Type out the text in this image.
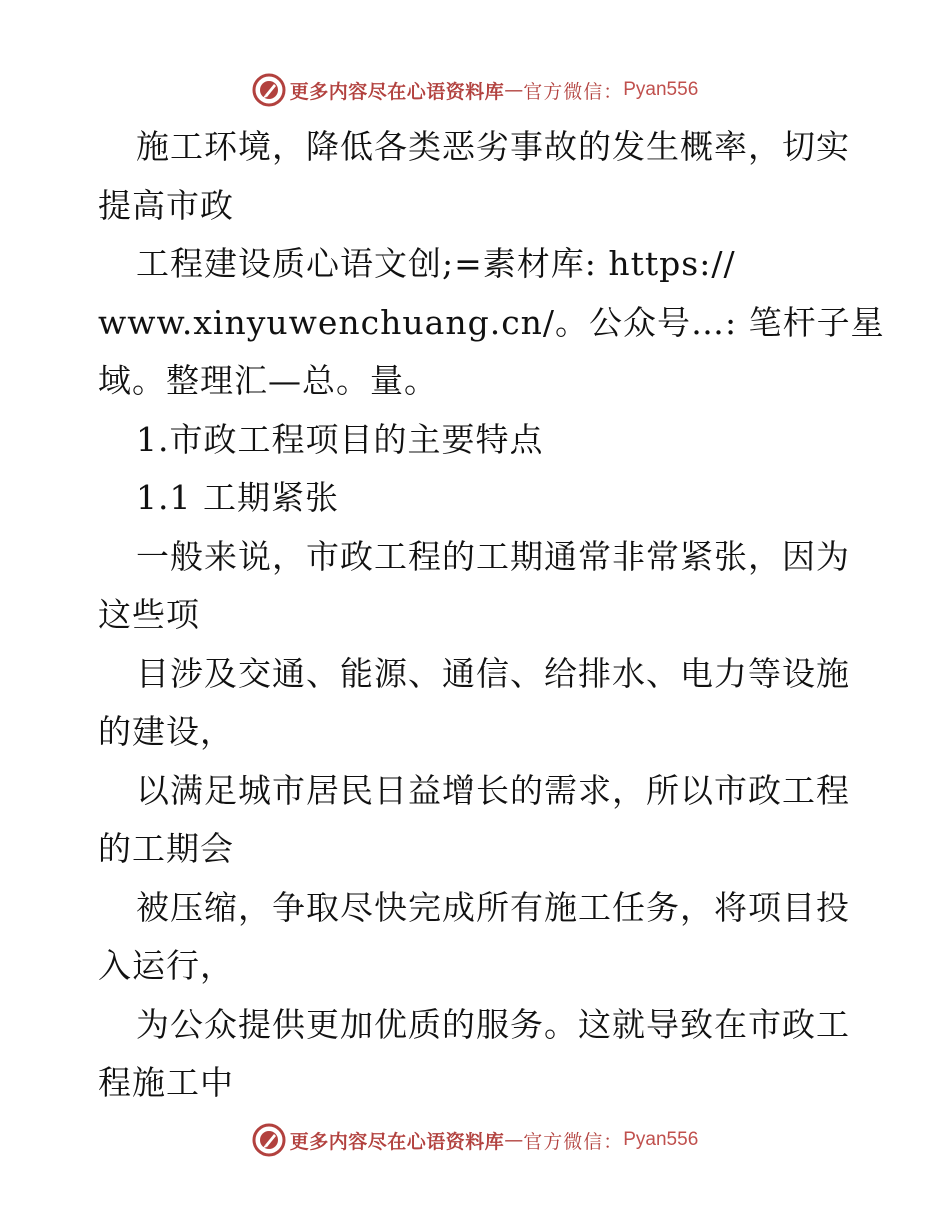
更多内容尽在心语资料库 — 官方微信： Pyan556
施工环境，降低各类恶劣事故的发生概率，切实
提高市政
工程建设质心语文创;=素材库: https://
www.xinyuwenchuang.cn/。公众号…: 笔杆子星
域。整理汇—总。量。
1.市政工程项目的主要特点
1.1 工期紧张
一般来说，市政工程的工期通常非常紧张，因为
这些项
目涉及交通、能源、通信、给排水、电力等设施
的建设，
以满足城市居民日益增长的需求，所以市政工程
的工期会
被压缩，争取尽快完成所有施工任务，将项目投
入运行，
为公众提供更加优质的服务。这就导致在市政工
程施工中
更多内容尽在心语资料库 — 官方微信： Pyan556
